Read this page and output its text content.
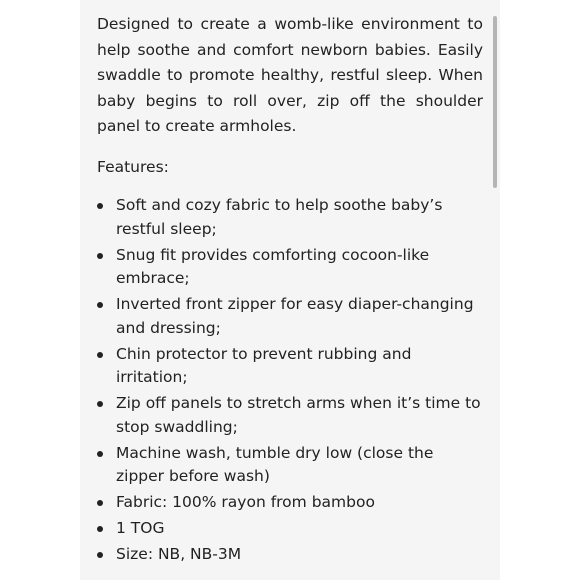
Designed to create a womb-like environment to help soothe and comfort newborn babies. Easily swaddle to promote healthy, restful sleep. When baby begins to roll over, zip off the shoulder panel to create armholes.

Features:

Soft and cozy fabric to help soothe baby’s restful sleep;
Snug fit provides comforting cocoon-like embrace;
Inverted front zipper for easy diaper-changing and dressing;
Chin protector to prevent rubbing and irritation;
Zip off panels to stretch arms when it’s time to stop swaddling;
Machine wash, tumble dry low (close the zipper before wash)
Fabric: 100% rayon from bamboo
1 TOG
Size: NB, NB-3M
